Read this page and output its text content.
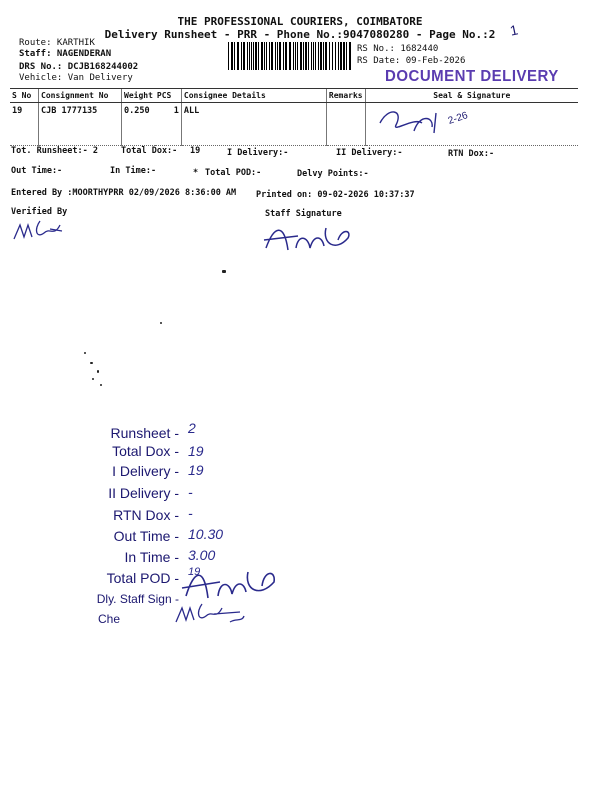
THE PROFESSIONAL COURIERS, COIMBATORE
Delivery Runsheet - PRR - Phone No.:9047080280 - Page No.:2 1
Route: KARTHIK
Staff: NAGENDERAN
DRS No.: DCJB168244002
Vehicle: Van Delivery
RS No.: 1682440
RS Date: 09-Feb-2026
DOCUMENT DELIVERY
S No	Consignment No	Weight	PCS	Consignee Details	Remarks	Seal & Signature
19	CJB 1777135	0.250	1	ALL		2-26
Tot. Runsheet:- 2	Total Dox:- 19	I Delivery:-	II Delivery:-	RTN Dox:-
Out Time:-	In Time:-	* Total POD:-	Delvy Points:-
Entered By :MOORTHYPRR 02/09/2026 8:36:00 AM Printed on: 09-02-2026 10:37:37
Verified By	Staff Signature
Runsheet - 2
Total Dox - 19
I Delivery - 19
II Delivery - -
RTN Dox - -
Out Time - 10.30
In Time - 3.00
Total POD - 19
Dly. Staff Sign -
Che
